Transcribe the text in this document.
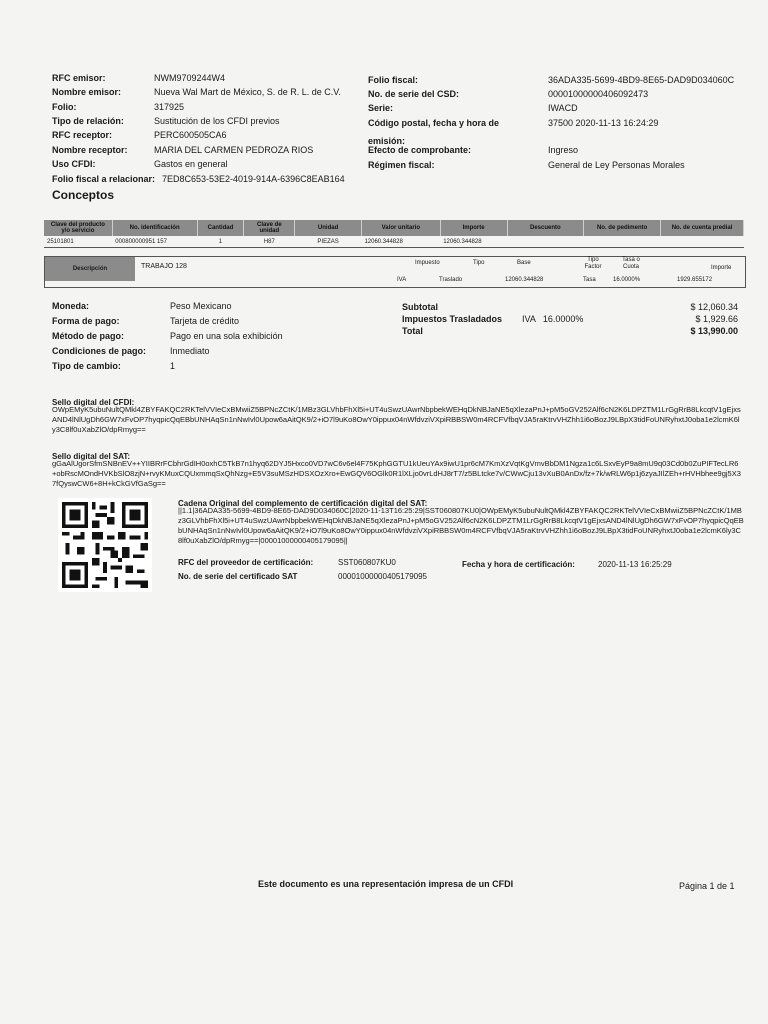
RFC emisor:	NWM9709244W4
Nombre emisor:	Nueva Wal Mart de México, S. de R. L. de C.V.
Folio:	317925
Tipo de relación:	Sustitución de los CFDI previos
RFC receptor:	PERC600505CA6
Nombre receptor:	MARIA DEL CARMEN PEDROZA RIOS
Uso CFDI:	Gastos en general
Folio fiscal a relacionar: 7ED8C653-53E2-4019-914A-6396C8EAB164
Folio fiscal:	36ADA335-5699-4BD9-8E65-DAD9D034060C
No. de serie del CSD:	00001000000406092473
Serie:	IWACD
Código postal, fecha y hora de emisión:
37500 2020-11-13 16:24:29
Efecto de comprobante:	Ingreso
Régimen fiscal:	General de Ley Personas Morales
Conceptos
Clave del producto y/o servicio	No. identificación	Cantidad	Clave de unidad	Unidad	Valor unitario	Importe	Descuento	No. de pedimento	No. de cuenta predial
25101801	000800000951 157	1	H87	PIEZAS	12060.344828	12060.344828			
Descripción	TRABAJO 128	Impuesto	Tipo	Base	Tipo Factor
Tasa o Cuota	Importe
IVA	Traslado	12060.344828	Tasa	16.0000%	1929.655172
Moneda:	Peso Mexicano
Forma de pago:	Tarjeta de crédito
Método de pago:	Pago en una sola exhibición
Condiciones de pago:	Inmediato
Tipo de cambio:	1
Subtotal	$ 12,060.34
Impuestos Trasladados IVA   16.0000%	$ 1,929.66
Total	$ 13,990.00
Sello digital del CFDI:
OWpEMyK5ubuNultQMkl4ZBYFAKQC2RKTelVVIeCxBMwiiZ5BPNcZCtK/1MBz3GLVhbFhXl5i+UT4uSwzUAwrNbpbekWEHqDkNBJaNE5qXlezaPnJ+pM5oGV252Alf6cN2K6LDPZTM1LrGgRrB8LkcqtV1gEjxsAND4lNlUgDh6GW7xFvOP7hyqpicQqEBbUNHAqSn1nNwIvl0Upow6aAitQK9/2+iO7l9uKo8OwY0ippux04nWfdvziVXpiRBBSW0m4RCFVfbqVJA5raKtrvVHZhh1i6oBozJ9LBpX3tidFoUNRyhxtJ0oba1e2lcmK6ly3C8lf0uXabZlO/dpRmyg==
Sello digital del SAT:
gGaAlUgorSfmSNBnEV++YIIBRrFCbhrGdIH0oxhC5TkB7n1hyq62DYJ5Hxco0VD7wC6v6el4F75KphGGTU1kUeuYAx9iwU1pr6cM7KmXzVqtKgVmvBbDM1Ngza1c6LSxvEyP9a8mU9q03Cd0b0ZuPIFTecLR6+obRscMOndHVKbSlO8zjN+rvyKMuxCQUxmmqSxQhNzg+E5V3suMSzHDSXOzXro+EwGQV6OGlk0R1lXLjo0vrLdHJ8rT7/z5BLtcke7v/CWwCju13vXuB0AnDx/fz+7k/wRLW6p1j6zyaJIlZEh+rHVHbhee9gj5X37fQyswCW6+8H+kCkGVfGaSg==
Cadena Original del complemento de certificación digital del SAT:
||1.1|36ADA335-5699-4BD9-8E65-DAD9D034060C|2020-11-13T16:25:29|SST060807KU0|OWpEMyK5ubuNultQMkl4ZBYFAKQC2RKTelVVIeCxBMwiiZ5BPNcZCtK/1MBz3GLVhbFhXl5i+UT4uSwzUAwrNbpbekWEHqDkNBJaNE5qXlezaPnJ+pM5oGV252Alf6cN2K6LDPZTM1LrGgRrB8LkcqtV1gEjxsAND4lNlUgDh6GW7xFvOP7hyqpicQqEBbUNHAqSn1nNwIvl0Upow6aAitQK9/2+iO7l9uKo8OwY0ippux04nWfdvziVXpiRBBSW0m4RCFVfbqVJA5raKtrvVHZhh1i6oBozJ9LBpX3tidFoUNRyhxtJ0oba1e2lcmK6ly3C8lf0uXabZlO/dpRmyg==|00001000000405179095||
RFC del proveedor de certificación:	SST060807KU0	Fecha y hora de certificación:	2020-11-13 16:25:29
No. de serie del certificado SAT	00001000000405179095
Este documento es una representación impresa de un CFDI	Página 1 de 1
